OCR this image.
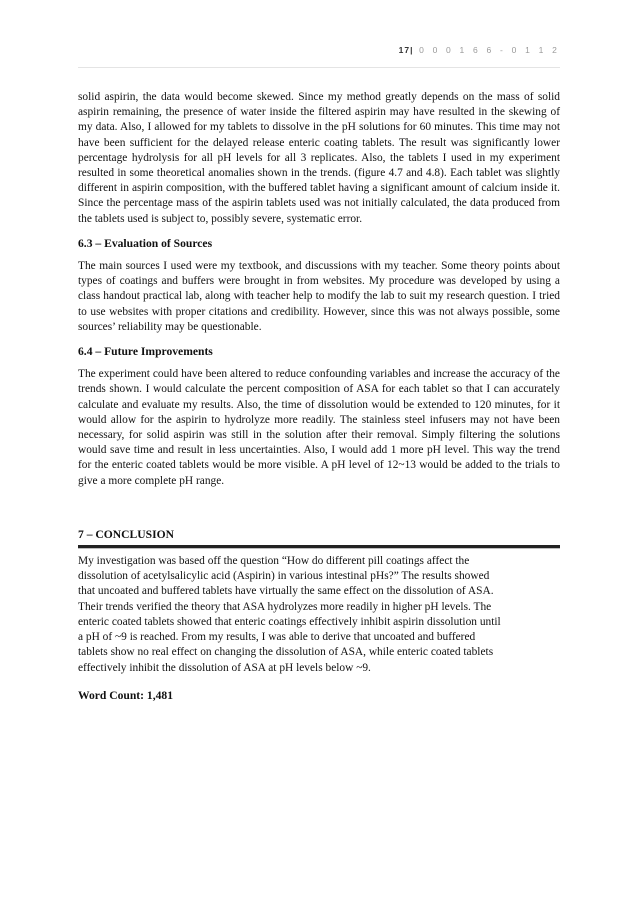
17| 0 0 0 1 6 6 - 0 1 1 2

solid aspirin, the data would become skewed. Since my method greatly depends on the mass of solid aspirin remaining, the presence of water inside the filtered aspirin may have resulted in the skewing of my data. Also, I allowed for my tablets to dissolve in the pH solutions for 60 minutes. This time may not have been sufficient for the delayed release enteric coating tablets. The result was significantly lower percentage hydrolysis for all pH levels for all 3 replicates. Also, the tablets I used in my experiment resulted in some theoretical anomalies shown in the trends. (figure 4.7 and 4.8). Each tablet was slightly different in aspirin composition, with the buffered tablet having a significant amount of calcium inside it. Since the percentage mass of the aspirin tablets used was not initially calculated, the data produced from the tablets used is subject to, possibly severe, systematic error.

6.3 – Evaluation of Sources

The main sources I used were my textbook, and discussions with my teacher. Some theory points about types of coatings and buffers were brought in from websites. My procedure was developed by using a class handout practical lab, along with teacher help to modify the lab to suit my research question. I tried to use websites with proper citations and credibility. However, since this was not always possible, some sources’ reliability may be questionable.

6.4 – Future Improvements

The experiment could have been altered to reduce confounding variables and increase the accuracy of the trends shown. I would calculate the percent composition of ASA for each tablet so that I can accurately calculate and evaluate my results. Also, the time of dissolution would be extended to 120 minutes, for it would allow for the aspirin to hydrolyze more readily. The stainless steel infusers may not have been necessary, for solid aspirin was still in the solution after their removal. Simply filtering the solutions would save time and result in less uncertainties. Also, I would add 1 more pH level. This way the trend for the enteric coated tablets would be more visible. A pH level of 12~13 would be added to the trials to give a more complete pH range.

7 – CONCLUSION
My investigation was based off the question “How do different pill coatings affect the
dissolution of acetylsalicylic acid (Aspirin) in various intestinal pHs?” The results showed
that uncoated and buffered tablets have virtually the same effect on the dissolution of ASA.
Their trends verified the theory that ASA hydrolyzes more readily in higher pH levels. The
enteric coated tablets showed that enteric coatings effectively inhibit aspirin dissolution until
a pH of ~9 is reached. From my results, I was able to derive that uncoated and buffered
tablets show no real effect on changing the dissolution of ASA, while enteric coated tablets
effectively inhibit the dissolution of ASA at pH levels below ~9.
Word Count: 1,481
